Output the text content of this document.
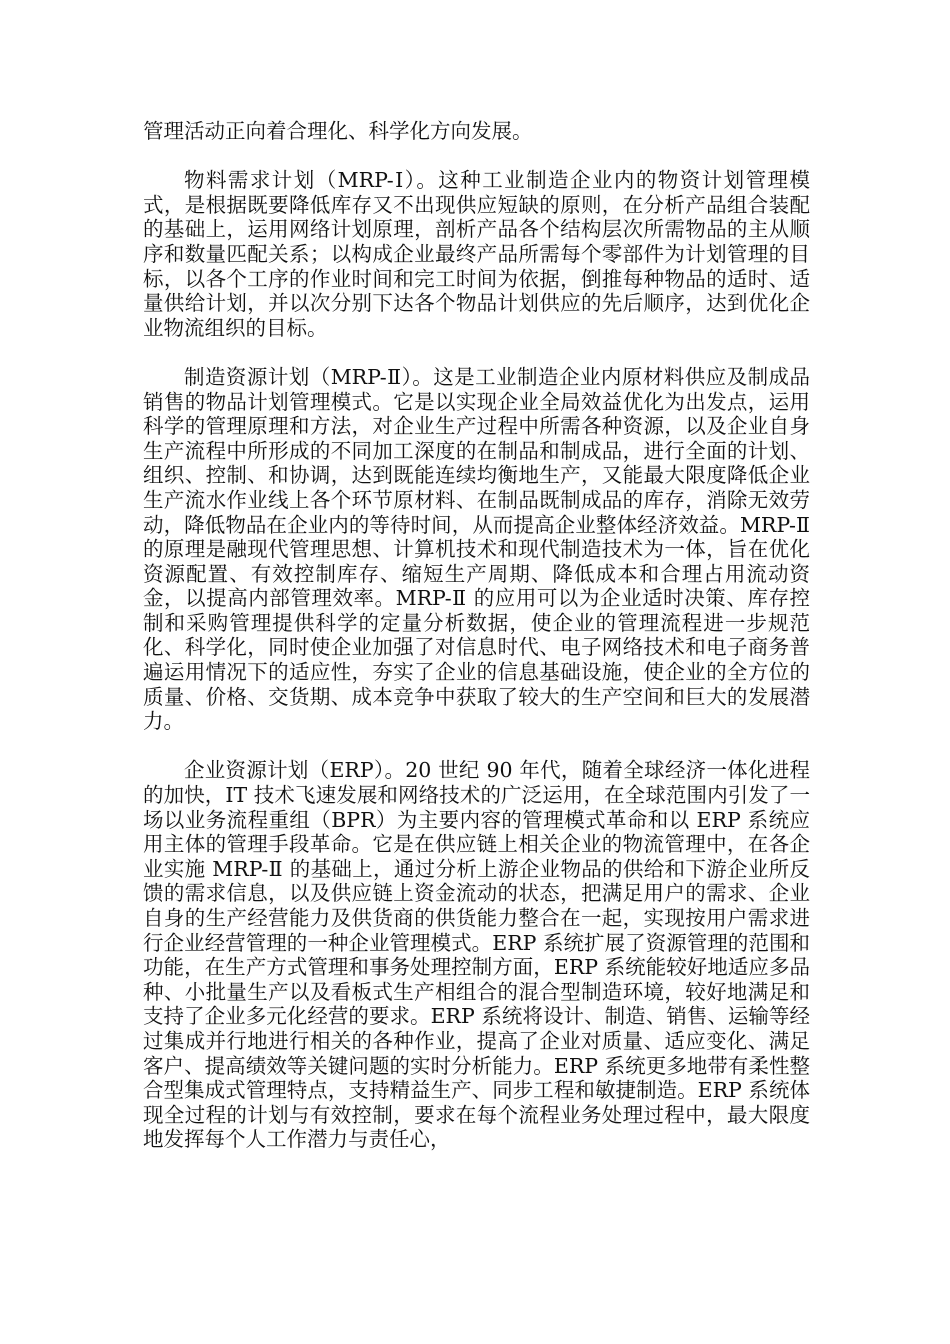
管理活动正向着合理化、科学化方向发展。

物料需求计划（MRP-Ⅰ）。这种工业制造企业内的物资计划管理模式，是根据既要降低库存又不出现供应短缺的原则，在分析产品组合装配的基础上，运用网络计划原理，剖析产品各个结构层次所需物品的主从顺序和数量匹配关系；以构成企业最终产品所需每个零部件为计划管理的目标，以各个工序的作业时间和完工时间为依据，倒推每种物品的适时、适量供给计划，并以次分别下达各个物品计划供应的先后顺序，达到优化企业物流组织的目标。

制造资源计划（MRP-Ⅱ）。这是工业制造企业内原材料供应及制成品销售的物品计划管理模式。它是以实现企业全局效益优化为出发点，运用科学的管理原理和方法，对企业生产过程中所需各种资源，以及企业自身生产流程中所形成的不同加工深度的在制品和制成品，进行全面的计划、组织、控制、和协调，达到既能连续均衡地生产，又能最大限度降低企业生产流水作业线上各个环节原材料、在制品既制成品的库存，消除无效劳动，降低物品在企业内的等待时间，从而提高企业整体经济效益。MRP-Ⅱ 的原理是融现代管理思想、计算机技术和现代制造技术为一体，旨在优化资源配置、有效控制库存、缩短生产周期、降低成本和合理占用流动资金，以提高内部管理效率。MRP-Ⅱ 的应用可以为企业适时决策、库存控制和采购管理提供科学的定量分析数据，使企业的管理流程进一步规范化、科学化，同时使企业加强了对信息时代、电子网络技术和电子商务普遍运用情况下的适应性，夯实了企业的信息基础设施，使企业的全方位的质量、价格、交货期、成本竞争中获取了较大的生产空间和巨大的发展潜力。

企业资源计划（ERP）。20 世纪 90 年代，随着全球经济一体化进程的加快，IT 技术飞速发展和网络技术的广泛运用，在全球范围内引发了一场以业务流程重组（BPR）为主要内容的管理模式革命和以 ERP 系统应用主体的管理手段革命。它是在供应链上相关企业的物流管理中，在各企业实施 MRP-Ⅱ 的基础上，通过分析上游企业物品的供给和下游企业所反馈的需求信息，以及供应链上资金流动的状态，把满足用户的需求、企业自身的生产经营能力及供货商的供货能力整合在一起，实现按用户需求进行企业经营管理的一种企业管理模式。ERP 系统扩展了资源管理的范围和功能，在生产方式管理和事务处理控制方面，ERP 系统能较好地适应多品种、小批量生产以及看板式生产相组合的混合型制造环境，较好地满足和支持了企业多元化经营的要求。ERP 系统将设计、制造、销售、运输等经过集成并行地进行相关的各种作业，提高了企业对质量、适应变化、满足客户、提高绩效等关键问题的实时分析能力。ERP 系统更多地带有柔性整合型集成式管理特点，支持精益生产、同步工程和敏捷制造。ERP 系统体现全过程的计划与有效控制，要求在每个流程业务处理过程中，最大限度地发挥每个人工作潜力与责任心，
